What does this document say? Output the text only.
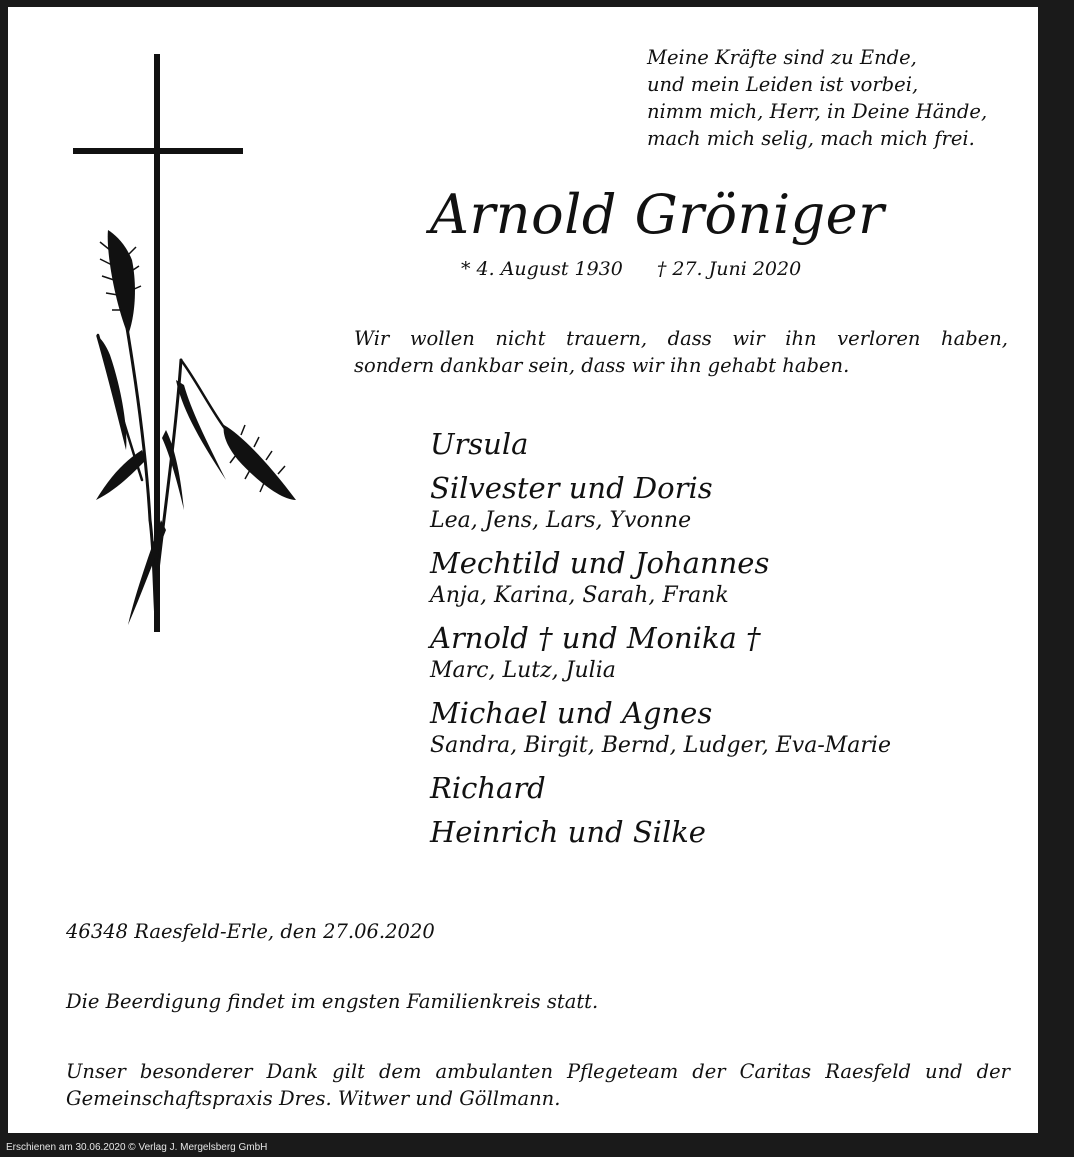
Meine Kräfte sind zu Ende,
und mein Leiden ist vorbei,
nimm mich, Herr, in Deine Hände,
mach mich selig, mach mich frei.
Arnold Gröniger
* 4. August 1930 † 27. Juni 2020
Wir wollen nicht trauern, dass wir ihn verloren haben,
sondern dankbar sein, dass wir ihn gehabt haben.
Ursula
Silvester und Doris
Lea, Jens, Lars, Yvonne
Mechtild und Johannes
Anja, Karina, Sarah, Frank
Arnold † und Monika †
Marc, Lutz, Julia
Michael und Agnes
Sandra, Birgit, Bernd, Ludger, Eva-Marie
Richard
Heinrich und Silke
46348 Raesfeld-Erle, den 27.06.2020
Die Beerdigung findet im engsten Familienkreis statt.
Unser besonderer Dank gilt dem ambulanten Pflegeteam der Caritas Raesfeld und der
Gemeinschaftspraxis Dres. Witwer und Göllmann.
Erschienen am 30.06.2020 © Verlag J. Mergelsberg GmbH
